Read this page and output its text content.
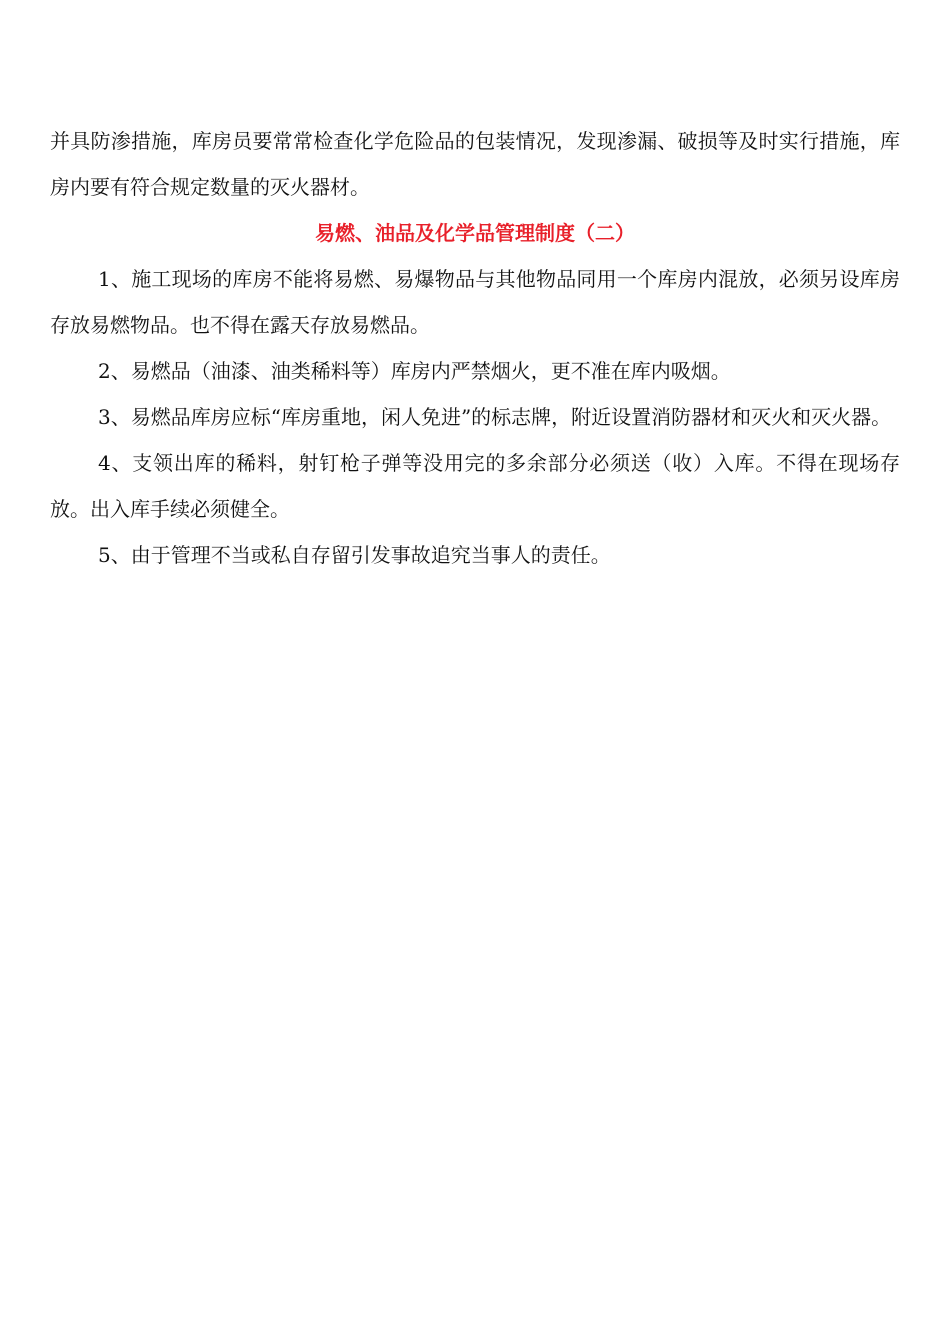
并具防渗措施，库房员要常常检查化学危险品的包装情况，发现渗漏、破损等及时实行措施，库房内要有符合规定数量的灭火器材。

易燃、油品及化学品管理制度（二）

1、施工现场的库房不能将易燃、易爆物品与其他物品同用一个库房内混放，必须另设库房存放易燃物品。也不得在露天存放易燃品。

2、易燃品（油漆、油类稀料等）库房内严禁烟火，更不准在库内吸烟。

3、易燃品库房应标“库房重地，闲人免进”的标志牌，附近设置消防器材和灭火和灭火器。

4、支领出库的稀料，射钉枪子弹等没用完的多余部分必须送（收）入库。不得在现场存放。出入库手续必须健全。

5、由于管理不当或私自存留引发事故追究当事人的责任。
